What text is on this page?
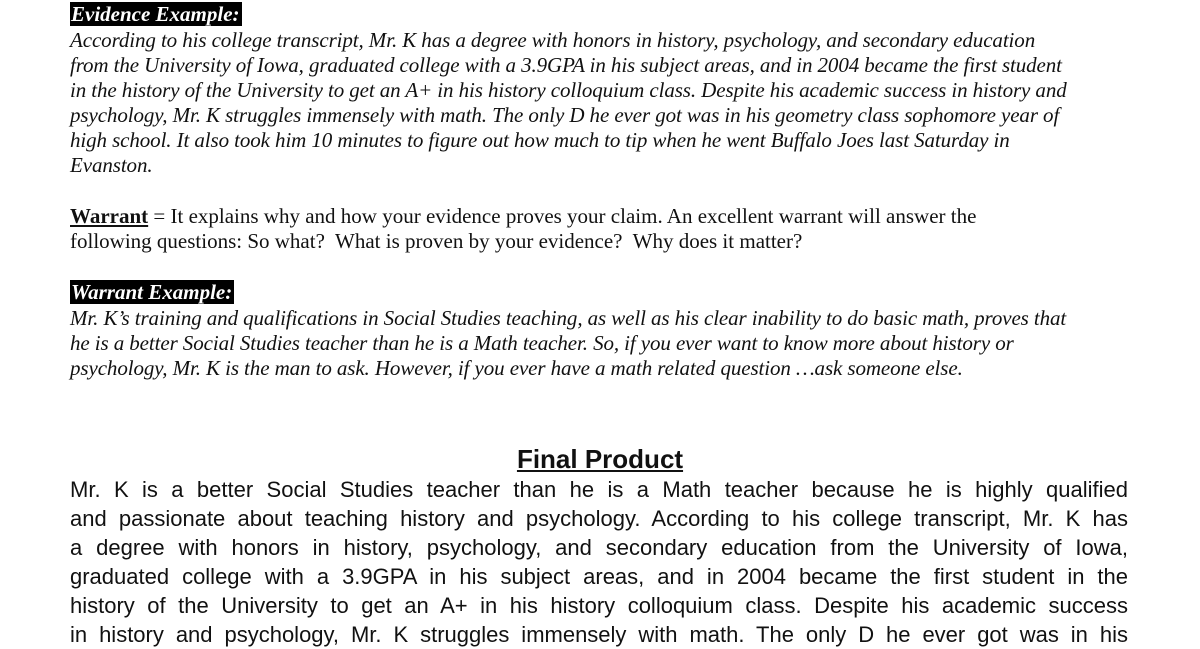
Evidence Example:
According to his college transcript, Mr. K has a degree with honors in history, psychology, and secondary education
from the University of Iowa, graduated college with a 3.9GPA in his subject areas, and in 2004 became the first student
in the history of the University to get an A+ in his history colloquium class. Despite his academic success in history and
psychology, Mr. K struggles immensely with math. The only D he ever got was in his geometry class sophomore year of
high school. It also took him 10 minutes to figure out how much to tip when he went Buffalo Joes last Saturday in
Evanston.
Warrant = It explains why and how your evidence proves your claim. An excellent warrant will answer the
following questions: So what?  What is proven by your evidence?  Why does it matter?
Warrant Example:
Mr. K’s training and qualifications in Social Studies teaching, as well as his clear inability to do basic math, proves that
he is a better Social Studies teacher than he is a Math teacher. So, if you ever want to know more about history or
psychology, Mr. K is the man to ask. However, if you ever have a math related question …ask someone else.
Final Product
Mr. K is a better Social Studies teacher than he is a Math teacher because he is highly qualified
and passionate about teaching history and psychology. According to his college transcript, Mr. K has
a degree with honors in history, psychology, and secondary education from the University of Iowa,
graduated college with a 3.9GPA in his subject areas, and in 2004 became the first student in the
history of the University to get an A+ in his history colloquium class. Despite his academic success
in history and psychology, Mr. K struggles immensely with math. The only D he ever got was in his
